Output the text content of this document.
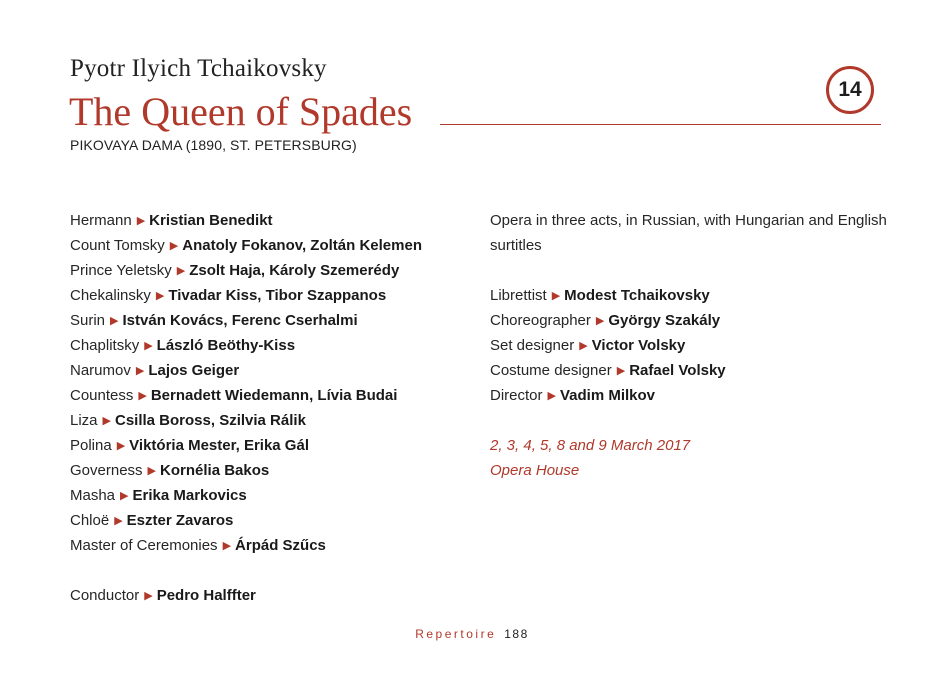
Pyotr Ilyich Tchaikovsky
The Queen of Spades	14
PIKOVAYA DAMA (1890, ST. PETERSBURG)
Hermann ▶ Kristian Benedikt
Count Tomsky ▶ Anatoly Fokanov, Zoltán Kelemen
Prince Yeletsky ▶ Zsolt Haja, Károly Szemerédy
Chekalinsky ▶ Tivadar Kiss, Tibor Szappanos
Surin ▶ István Kovács, Ferenc Cserhalmi
Chaplitsky ▶ László Beöthy-Kiss
Narumov ▶ Lajos Geiger
Countess ▶ Bernadett Wiedemann, Lívia Budai
Liza ▶ Csilla Boross, Szilvia Rálik
Polina ▶ Viktória Mester, Erika Gál
Governess ▶ Kornélia Bakos
Masha ▶ Erika Markovics
Chloë ▶ Eszter Zavaros
Master of Ceremonies ▶ Árpád Szűcs
Conductor ▶ Pedro Halffter
Opera in three acts, in Russian, with Hungarian and English
surtitles
Librettist ▶ Modest Tchaikovsky
Choreographer ▶ György Szakály
Set designer ▶ Victor Volsky
Costume designer ▶ Rafael Volsky
Director ▶ Vadim Milkov
2, 3, 4, 5, 8 and 9 March 2017
Opera House
Repertoire 188
